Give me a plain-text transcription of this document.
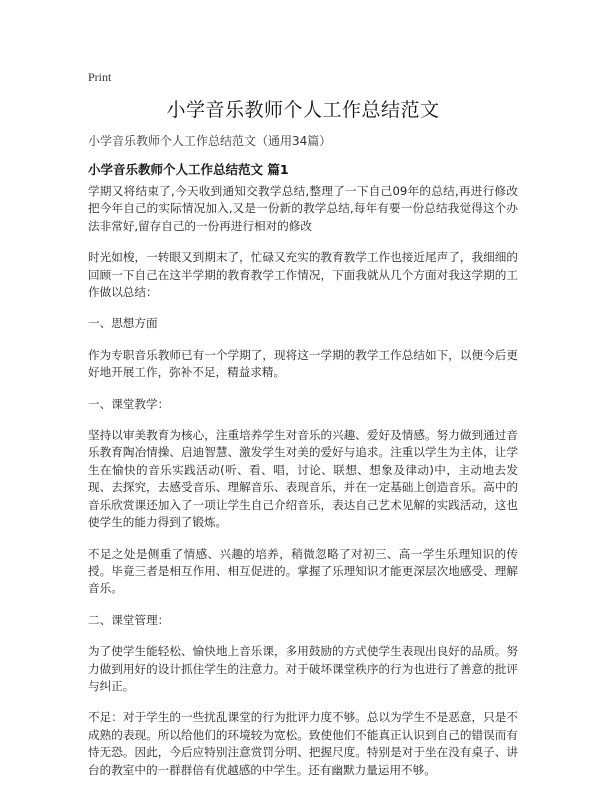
Print
小学音乐教师个人工作总结范文
小学音乐教师个人工作总结范文（通用34篇）
小学音乐教师个人工作总结范文 篇1

学期又将结束了,今天收到通知交教学总结,整理了一下自己09年的总结,再进行修改把今年自己的实际情况加入,又是一份新的教学总结,每年有要一份总结我觉得这个办法非常好,留存自己的一份再进行相对的修改

时光如梭，一转眼又到期末了，忙碌又充实的教育教学工作也接近尾声了，我细细的回顾一下自己在这半学期的教育教学工作情况，下面我就从几个方面对我这学期的工作做以总结：

一、思想方面

作为专职音乐教师已有一个学期了，现将这一学期的教学工作总结如下，以便今后更好地开展工作，弥补不足，精益求精。

一、课堂教学：

坚持以审美教育为核心，注重培养学生对音乐的兴趣、爱好及情感。努力做到通过音乐教育陶冶情操、启迪智慧、激发学生对美的爱好与追求。注重以学生为主体，让学生在愉快的音乐实践活动(听、看、唱，讨论、联想、想象及律动)中，主动地去发现、去探究，去感受音乐、理解音乐、表现音乐，并在一定基础上创造音乐。高中的音乐欣赏课还加入了一项让学生自己介绍音乐，表达自己艺术见解的实践活动，这也使学生的能力得到了锻炼。

不足之处是侧重了情感、兴趣的培养，稍微忽略了对初三、高一学生乐理知识的传授。毕竟三者是相互作用、相互促进的。掌握了乐理知识才能更深层次地感受、理解音乐。

二、课堂管理：

为了使学生能轻松、愉快地上音乐课，多用鼓励的方式使学生表现出良好的品质。努力做到用好的设计抓住学生的注意力。对于破坏课堂秩序的行为也进行了善意的批评与纠正。

不足：对于学生的一些扰乱课堂的行为批评力度不够。总以为学生不是恶意，只是不成熟的表现。所以给他们的环境较为宽松。致使他们不能真正认识到自己的错误而有恃无恐。因此，今后应特别注意赏罚分明、把握尺度。特别是对于坐在没有桌子、讲台的教室中的一群群倍有优越感的中学生。还有幽默力量运用不够。
